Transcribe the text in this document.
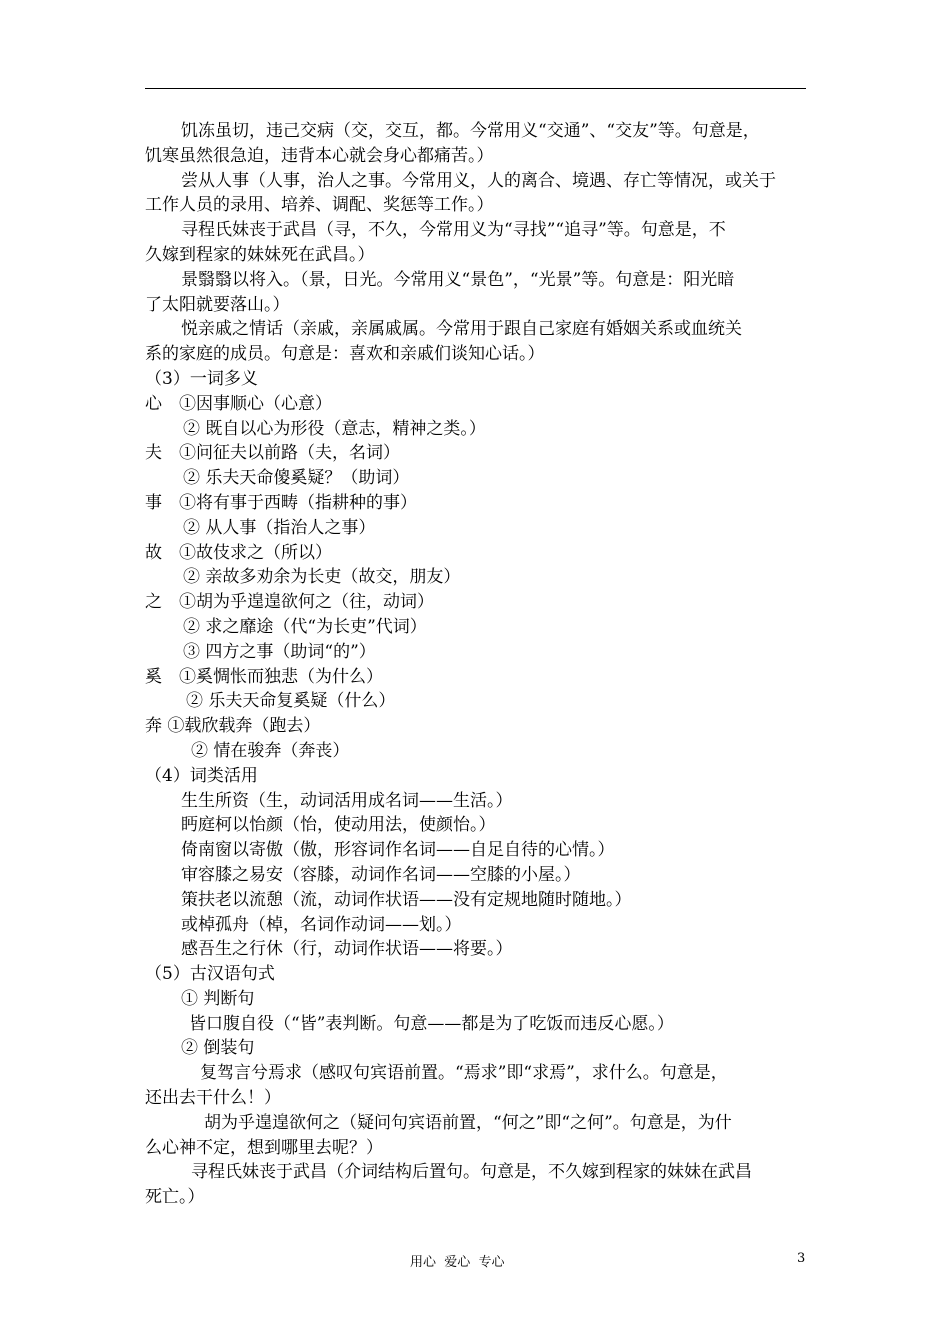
饥冻虽切，违己交病（交，交互，都。今常用义“交通”、“交友”等。句意是，
饥寒虽然很急迫，违背本心就会身心都痛苦。）
尝从人事（人事，治人之事。今常用义，人的离合、境遇、存亡等情况，或关于
工作人员的录用、培养、调配、奖惩等工作。）
寻程氏妹丧于武昌（寻，不久，今常用义为“寻找”“追寻”等。句意是，不
久嫁到程家的妹妹死在武昌。）
景翳翳以将入。（景，日光。今常用义“景色”，“光景”等。句意是：阳光暗
了太阳就要落山。）
悦亲戚之情话（亲戚，亲属戚属。今常用于跟自己家庭有婚姻关系或血统关
系的家庭的成员。句意是：喜欢和亲戚们谈知心话。）
（3）一词多义
心　①因事顺心（心意）
② 既自以心为形役（意志，精神之类。）
夫　①问征夫以前路（夫，名词）
② 乐夫天命傻奚疑？（助词）
事　①将有事于西畴（指耕种的事）
② 从人事（指治人之事）
故　①故伎求之（所以）
② 亲故多劝余为长吏（故交，朋友）
之　①胡为乎遑遑欲何之（往，动词）
② 求之靡途（代“为长吏”代词）
③ 四方之事（助词“的”）
奚　①奚惆怅而独悲（为什么）
② 乐夫天命复奚疑（什么）
奔 ①载欣载奔（跑去）
② 情在骏奔（奔丧）
（4）词类活用
生生所资（生，动词活用成名词——生活。）
眄庭柯以怡颜（怡，使动用法，使颜怡。）
倚南窗以寄傲（傲，形容词作名词——自足自待的心情。）
审容膝之易安（容膝，动词作名词——空膝的小屋。）
策扶老以流憩（流，动词作状语——没有定规地随时随地。）
或棹孤舟（棹，名词作动词——划。）
感吾生之行休（行，动词作状语——将要。）
（5）古汉语句式
① 判断句
皆口腹自役（“皆”表判断。句意——都是为了吃饭而违反心愿。）
② 倒装句
复驾言兮焉求（感叹句宾语前置。“焉求”即“求焉”，求什么。句意是，
还出去干什么！）
胡为乎遑遑欲何之（疑问句宾语前置，“何之”即“之何”。句意是，为什
么心神不定，想到哪里去呢？）
寻程氏妹丧于武昌（介词结构后置句。句意是，不久嫁到程家的妹妹在武昌
死亡。）
用心  爱心  专心	3
